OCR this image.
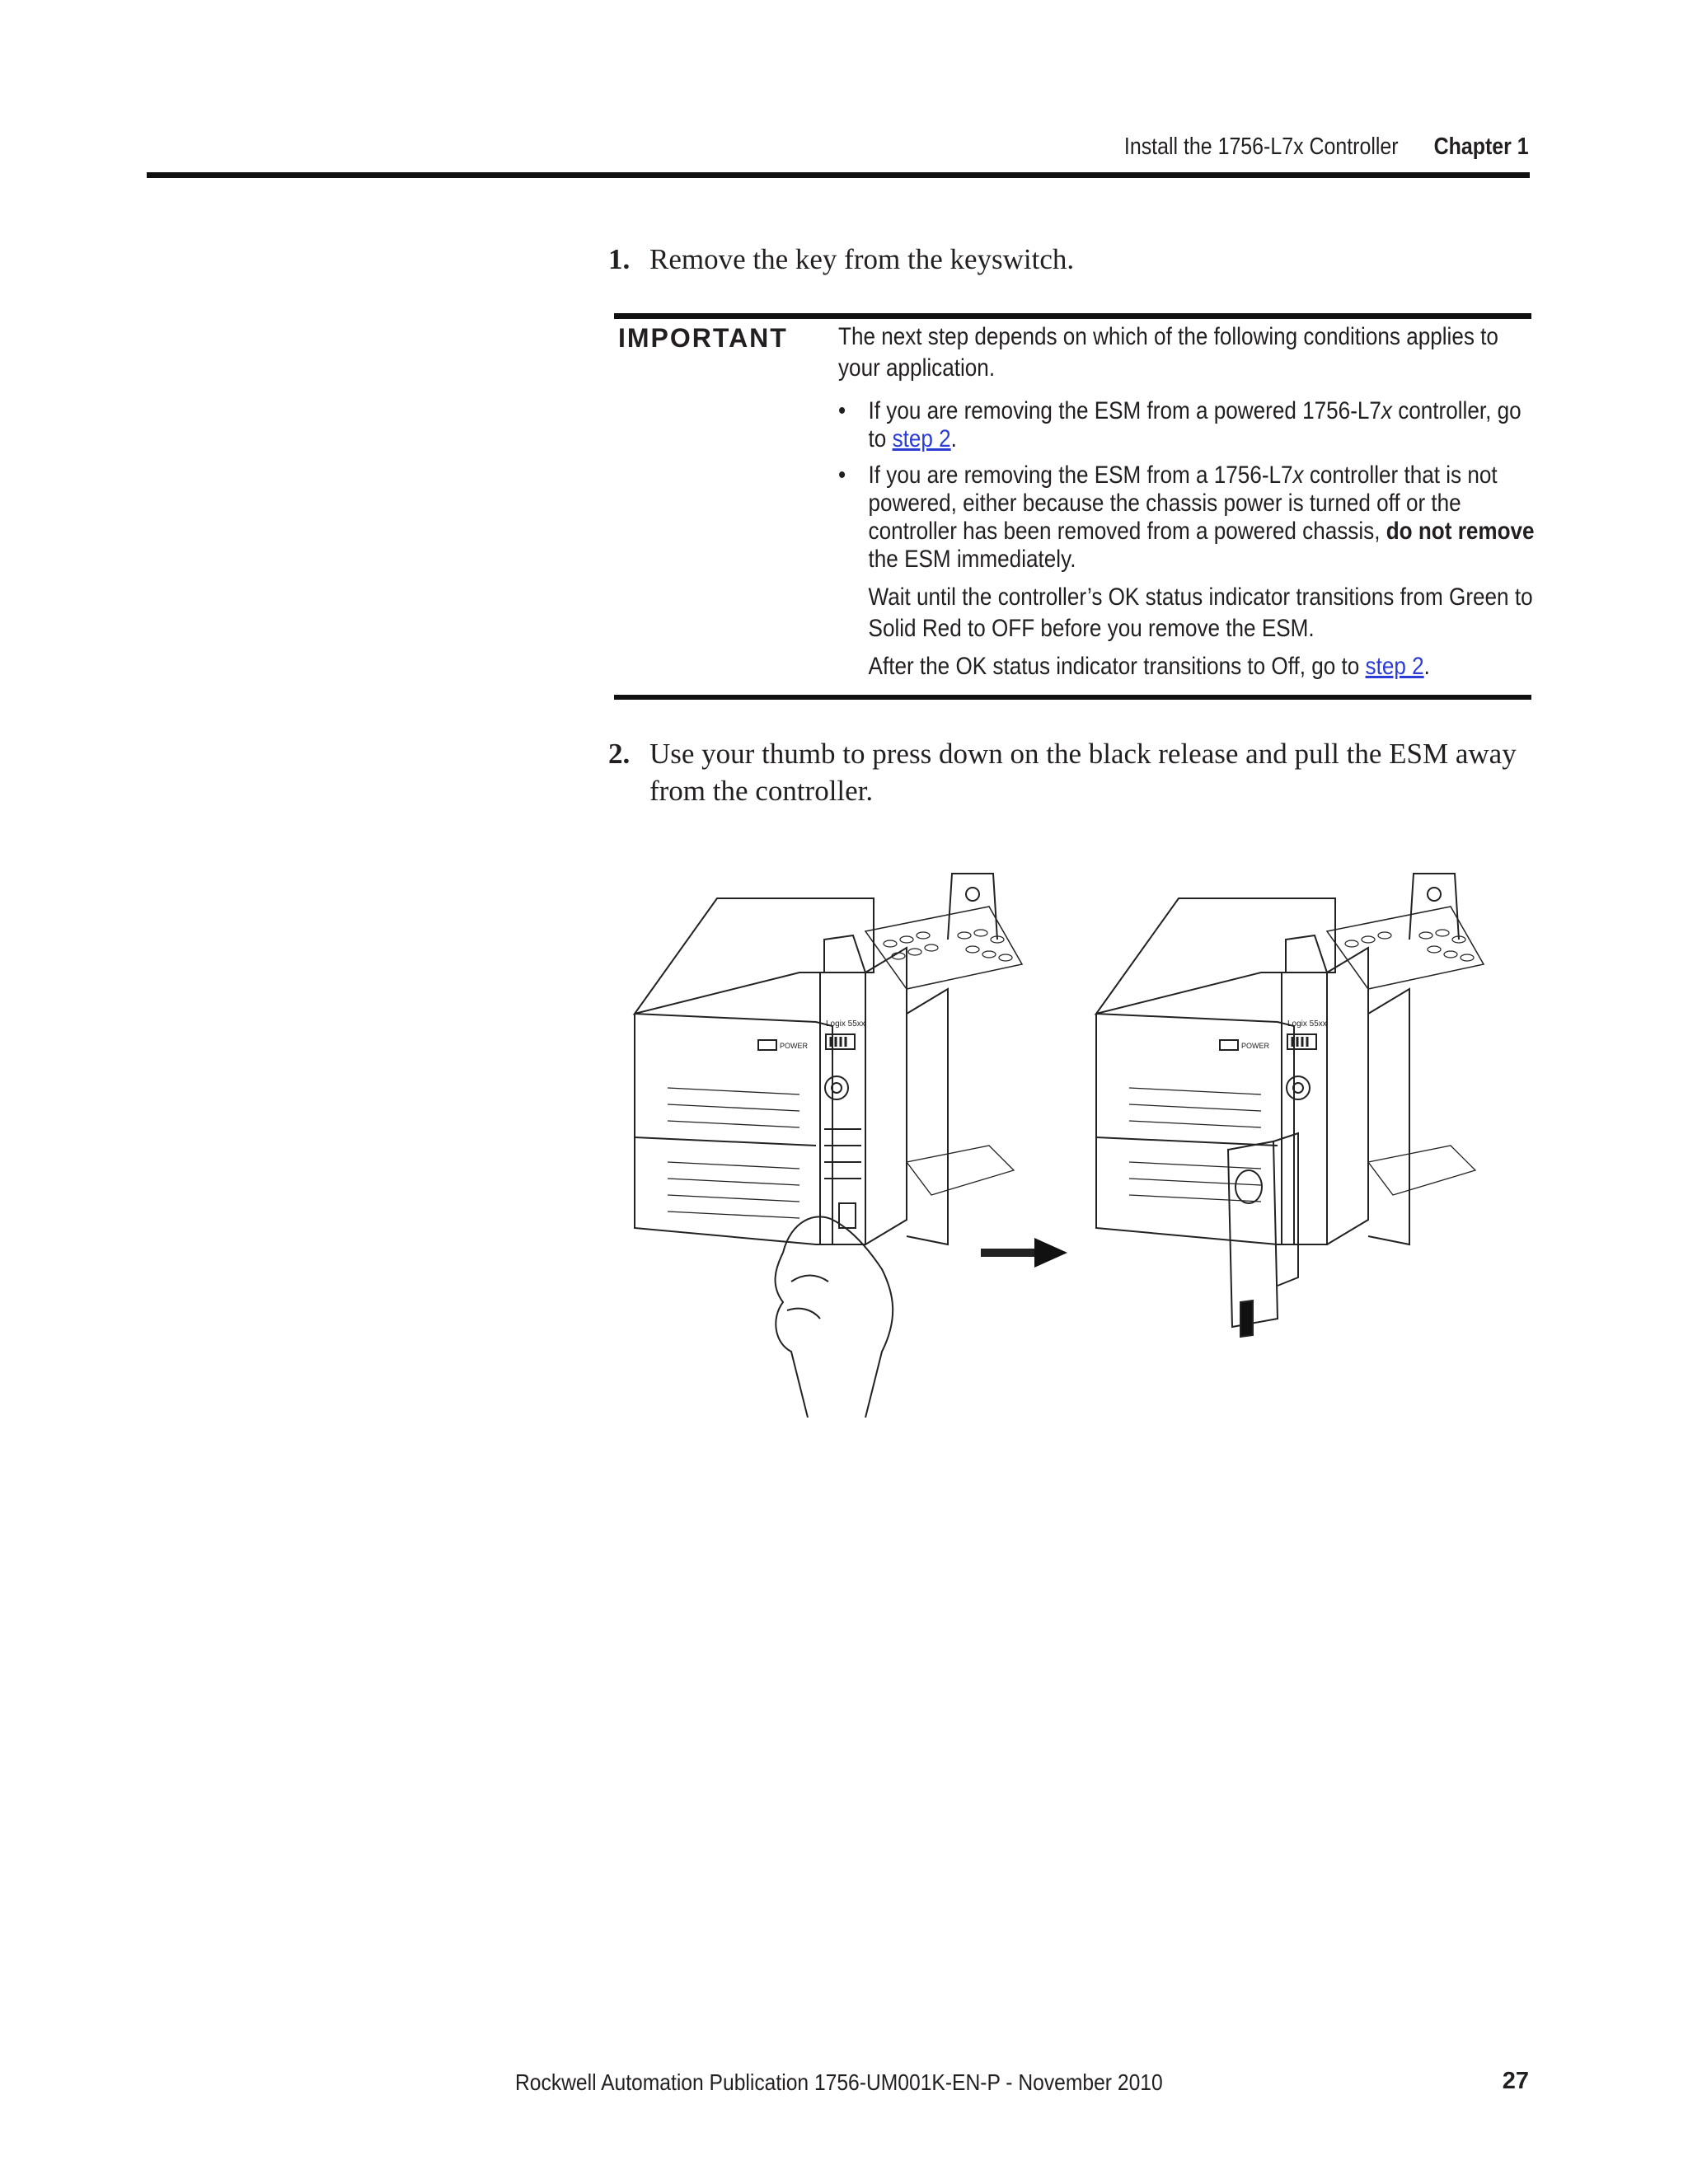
Install the 1756-L7x Controller Chapter 1
1. Remove the key from the keyswitch.
IMPORTANT The next step depends on which of the following conditions applies to your application.

• If you are removing the ESM from a powered 1756-L7x controller, go to step 2.

• If you are removing the ESM from a 1756-L7x controller that is not powered, either because the chassis power is turned off or the controller has been removed from a powered chassis, do not remove the ESM immediately.

Wait until the controller’s OK status indicator transitions from Green to Solid Red to OFF before you remove the ESM.

After the OK status indicator transitions to Off, go to step 2.

2. Use your thumb to press down on the black release and pull the ESM away from the controller.
POWER
Logix 55xx
POWER
Logix 55xx
Rockwell Automation Publication 1756-UM001K-EN-P - November 2010	27
